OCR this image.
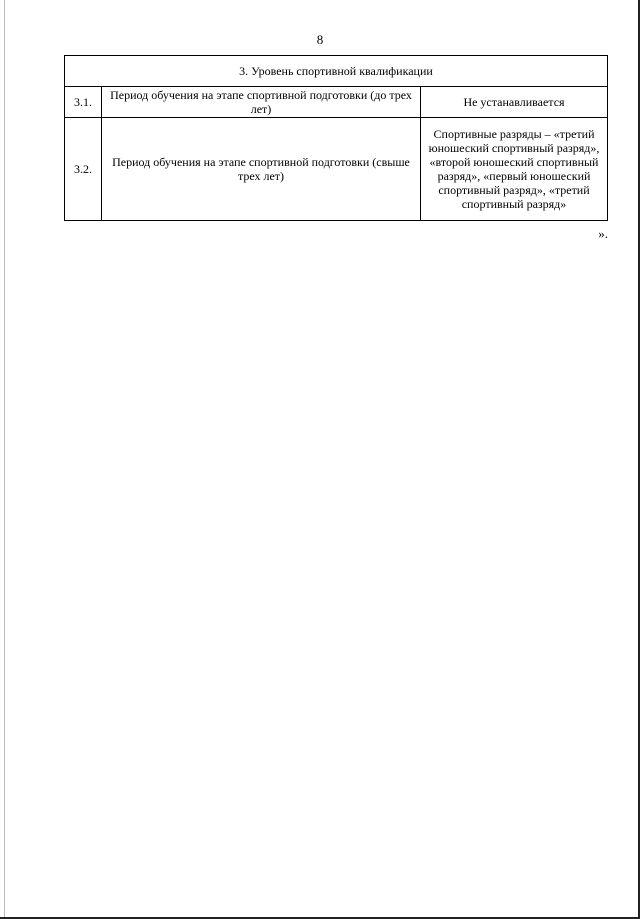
8
3. Уровень спортивной квалификации		
3.1.	Период обучения на этапе спортивной подготовки (до трех лет)	Не устанавливается
3.2.	Период обучения на этапе спортивной подготовки (свыше трех лет)	Спортивные разряды – «третий юношеский спортивный разряд», «второй юношеский спортивный разряд», «первый юношеский спортивный разряд», «третий спортивный разряд»
».
